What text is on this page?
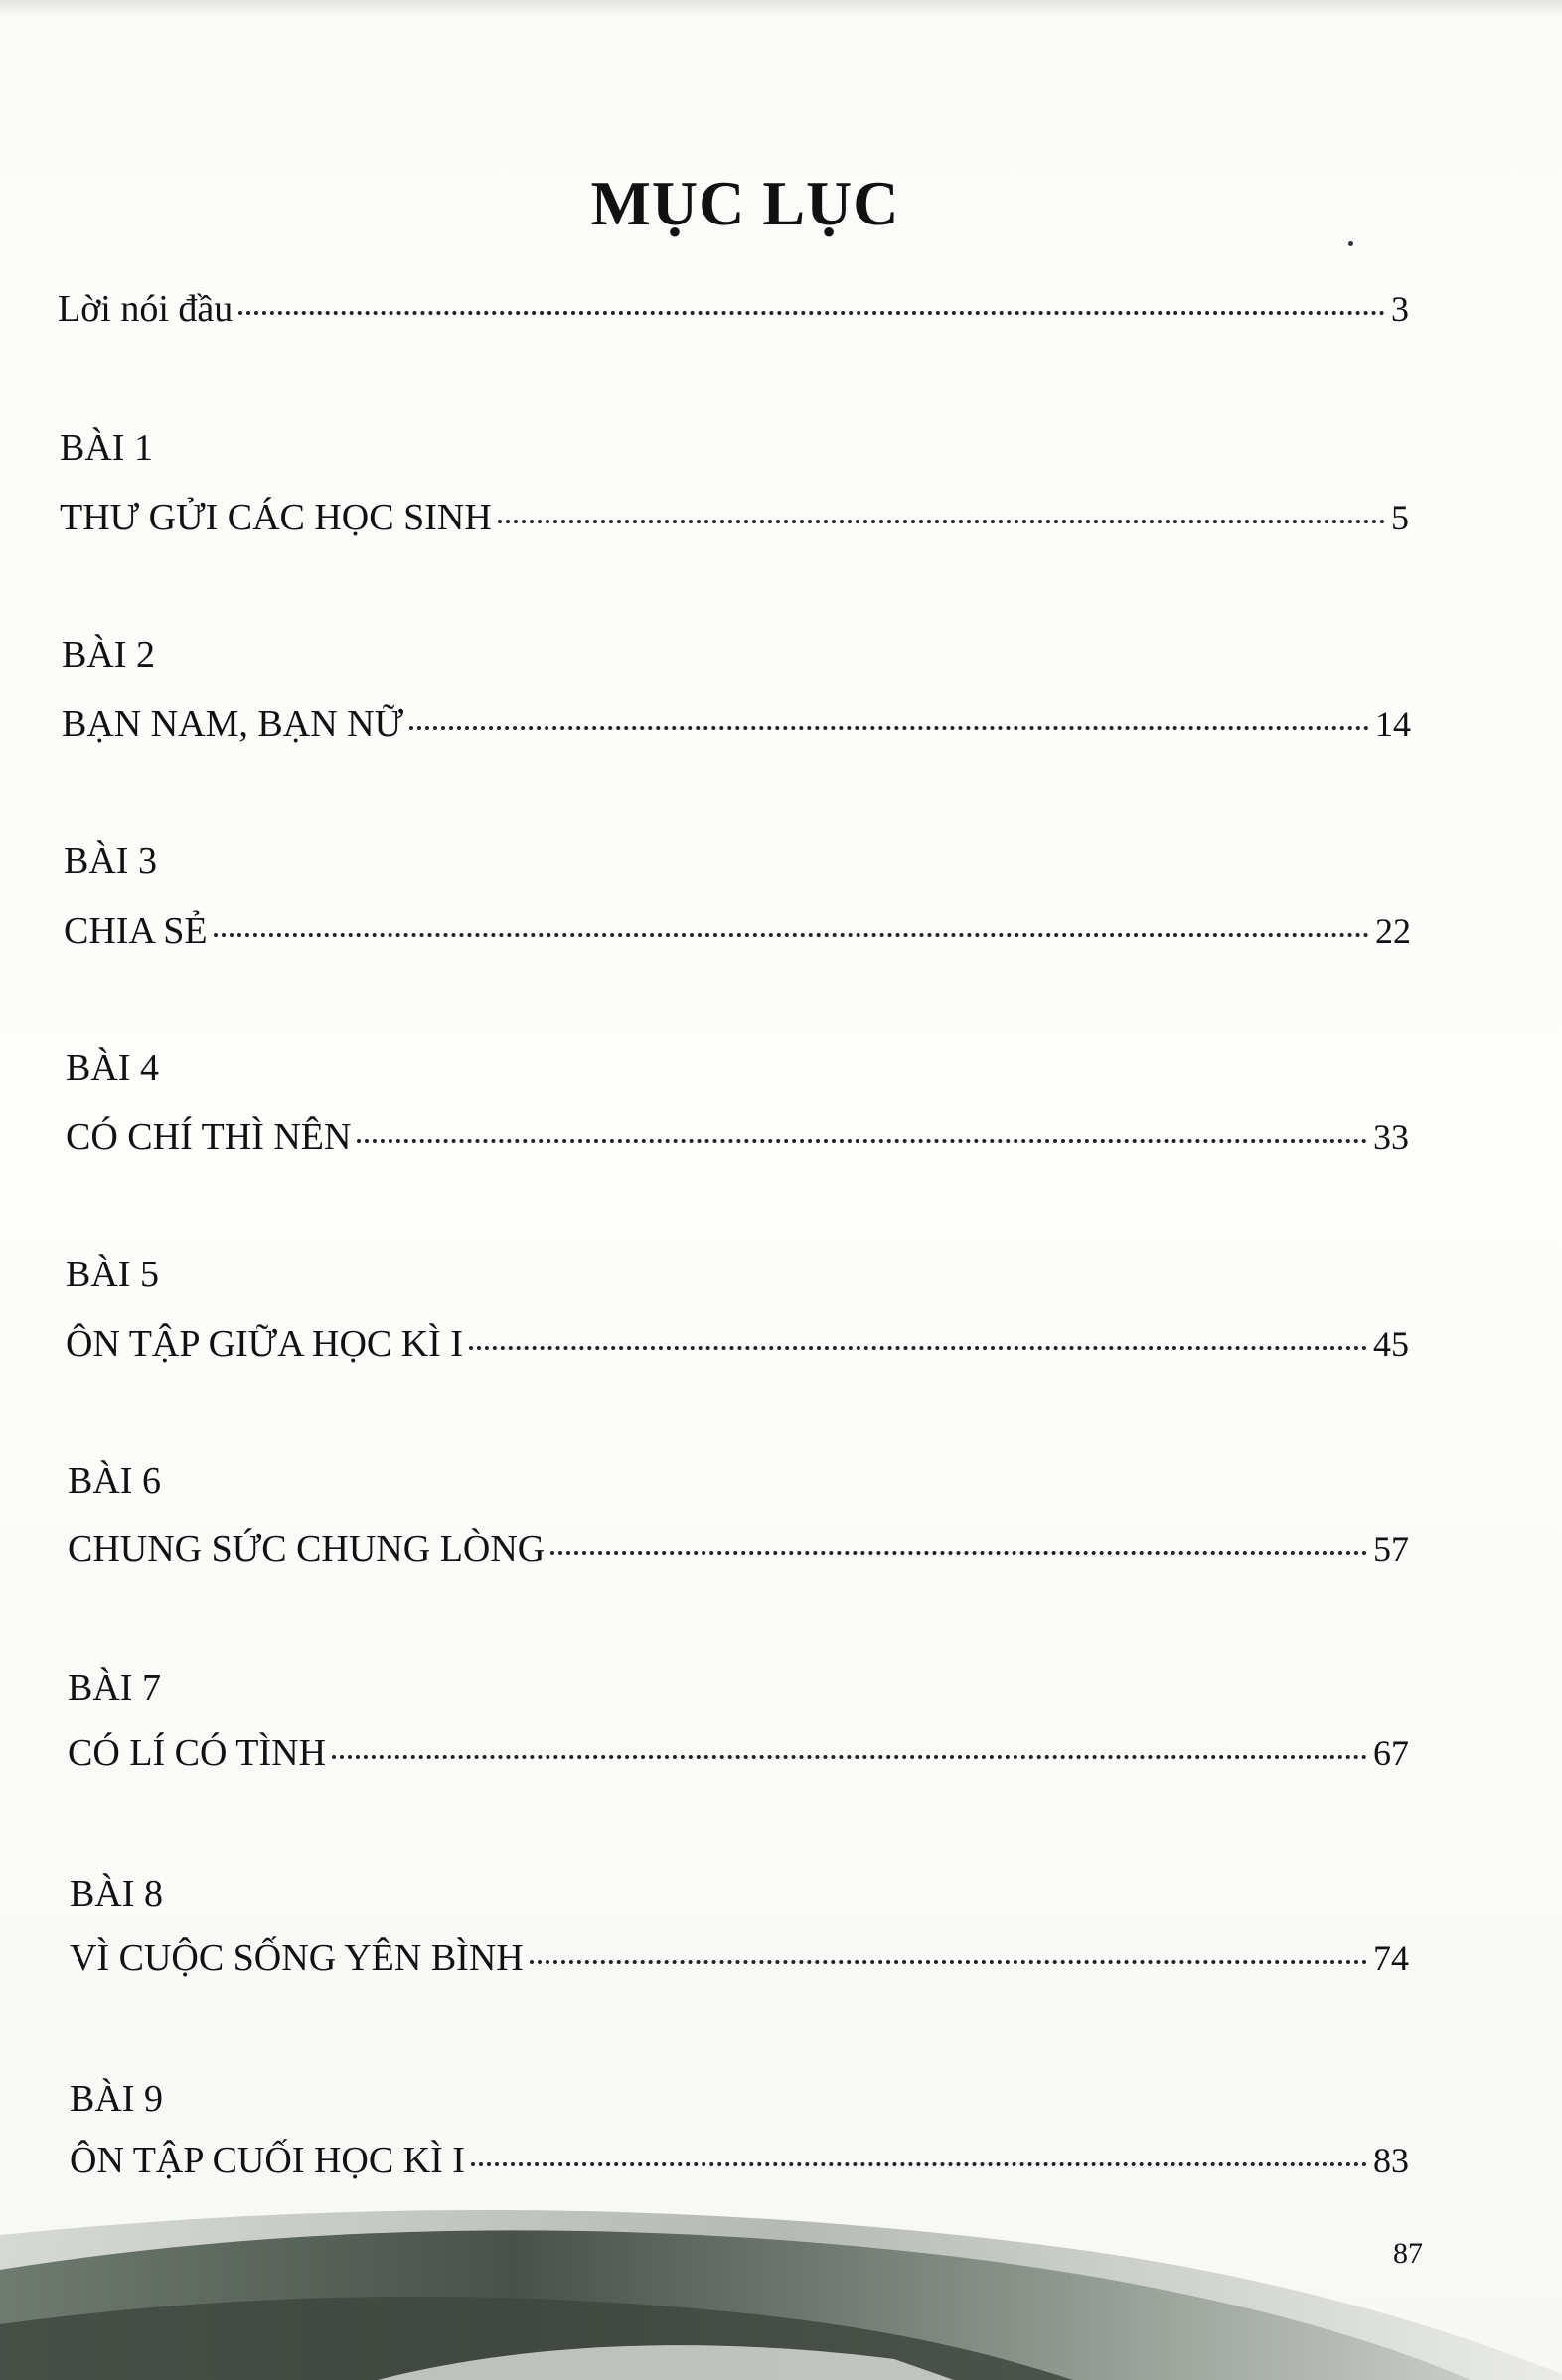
MỤC LỤC
Lời nói đầu	3
BÀI 1
THƯ GỬI CÁC HỌC SINH	5
BÀI 2
BẠN NAM, BẠN NỮ	14
BÀI 3
CHIA SẺ	22
BÀI 4
CÓ CHÍ THÌ NÊN	33
BÀI 5
ÔN TẬP GIỮA HỌC KÌ I	45
BÀI 6
CHUNG SỨC CHUNG LÒNG	57
BÀI 7
CÓ LÍ CÓ TÌNH	67
BÀI 8
VÌ CUỘC SỐNG YÊN BÌNH	74
BÀI 9
ÔN TẬP CUỐI HỌC KÌ I	83
87
